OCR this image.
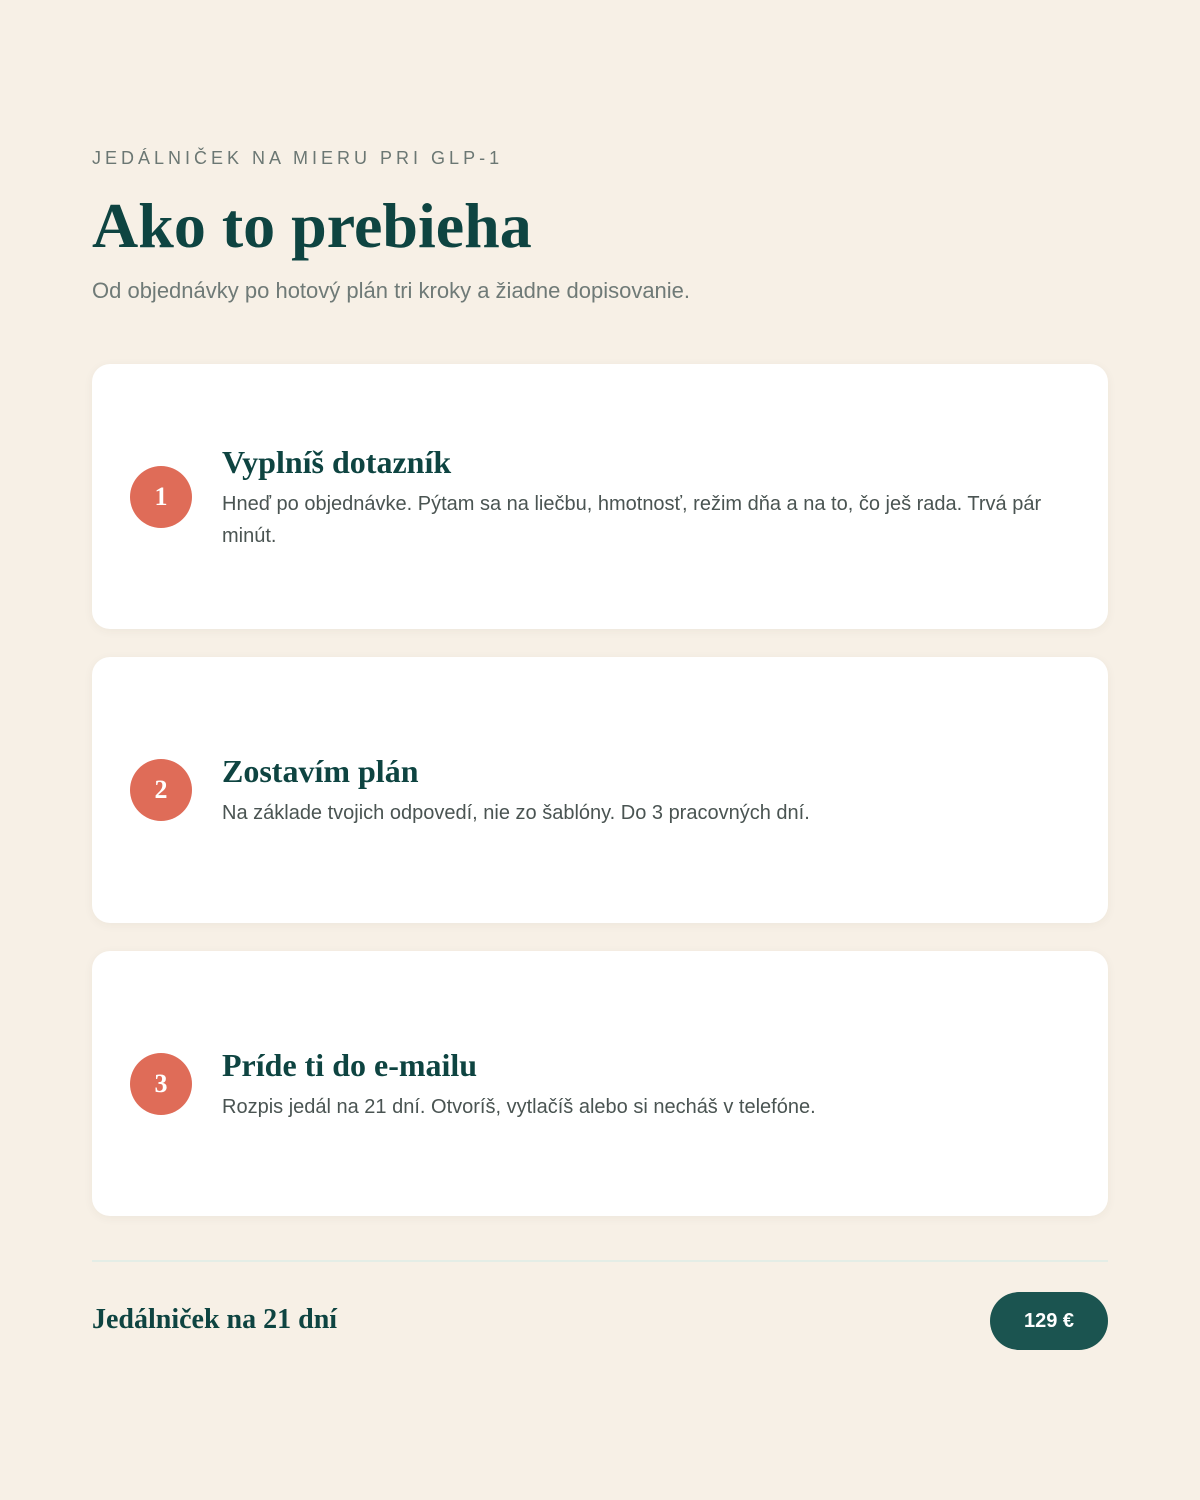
JEDÁLNIČEK NA MIERU PRI GLP-1
Ako to prebieha
Od objednávky po hotový plán tri kroky a žiadne dopisovanie.
1
Vyplníš dotazník

Hneď po objednávke. Pýtam sa na liečbu, hmotnosť, režim dňa a na to, čo ješ rada. Trvá pár minút.

2
Zostavím plán

Na základe tvojich odpovedí, nie zo šablóny. Do 3 pracovných dní.

3
Príde ti do e-mailu

Rozpis jedál na 21 dní. Otvoríš, vytlačíš alebo si necháš v telefóne.

Jedálniček na 21 dní	129 €
